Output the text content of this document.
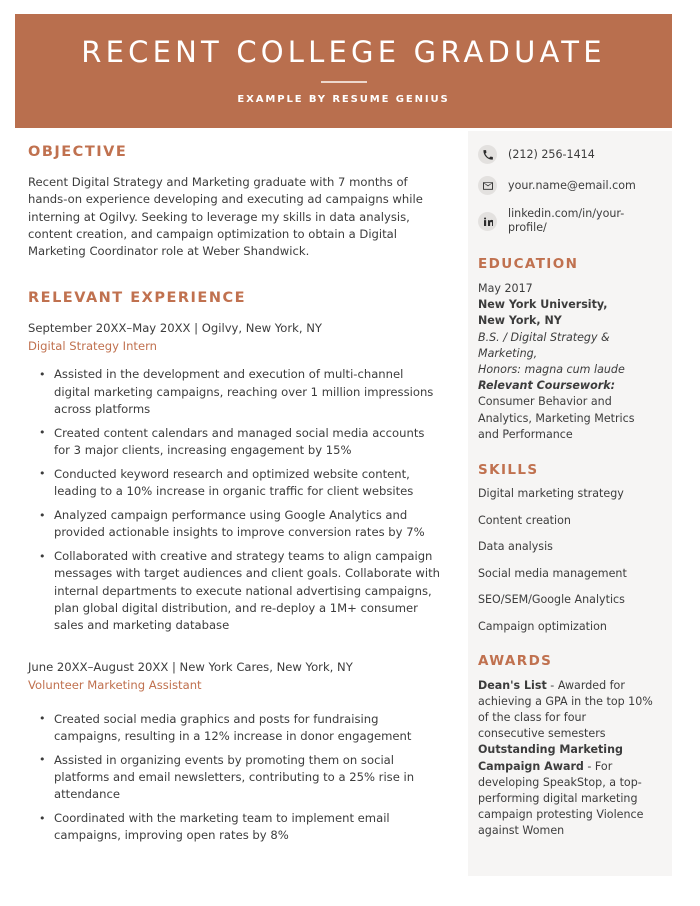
RECENT COLLEGE GRADUATE
EXAMPLE BY RESUME GENIUS
OBJECTIVE
Recent Digital Strategy and Marketing graduate with 7 months of hands-on experience developing and executing ad campaigns while interning at Ogilvy. Seeking to leverage my skills in data analysis, content creation, and campaign optimization to obtain a Digital Marketing Coordinator role at Weber Shandwick.
RELEVANT EXPERIENCE
September 20XX–May 20XX | Ogilvy, New York, NY
Digital Strategy Intern
• Assisted in the development and execution of multi-channel digital marketing campaigns, reaching over 1 million impressions across platforms
• Created content calendars and managed social media accounts for 3 major clients, increasing engagement by 15%
• Conducted keyword research and optimized website content, leading to a 10% increase in organic traffic for client websites
• Analyzed campaign performance using Google Analytics and provided actionable insights to improve conversion rates by 7%
• Collaborated with creative and strategy teams to align campaign messages with target audiences and client goals. Collaborate with internal departments to execute national advertising campaigns, plan global digital distribution, and re-deploy a 1M+ consumer sales and marketing database
June 20XX–August 20XX | New York Cares, New York, NY
Volunteer Marketing Assistant
• Created social media graphics and posts for fundraising campaigns, resulting in a 12% increase in donor engagement
• Assisted in organizing events by promoting them on social platforms and email newsletters, contributing to a 25% rise in attendance
• Coordinated with the marketing team to implement email campaigns, improving open rates by 8%
(212) 256-1414
your.name@email.com
linkedin.com/in/your-profile/
EDUCATION
May 2017
New York University,
New York, NY
B.S. / Digital Strategy & Marketing,
Honors: magna cum laude
Relevant Coursework:
Consumer Behavior and Analytics, Marketing Metrics and Performance
SKILLS
Digital marketing strategy
Content creation
Data analysis
Social media management
SEO/SEM/Google Analytics
Campaign optimization
AWARDS
Dean's List - Awarded for achieving a GPA in the top 10% of the class for four consecutive semesters
Outstanding Marketing Campaign Award - For developing SpeakStop, a top-performing digital marketing campaign protesting Violence against Women
